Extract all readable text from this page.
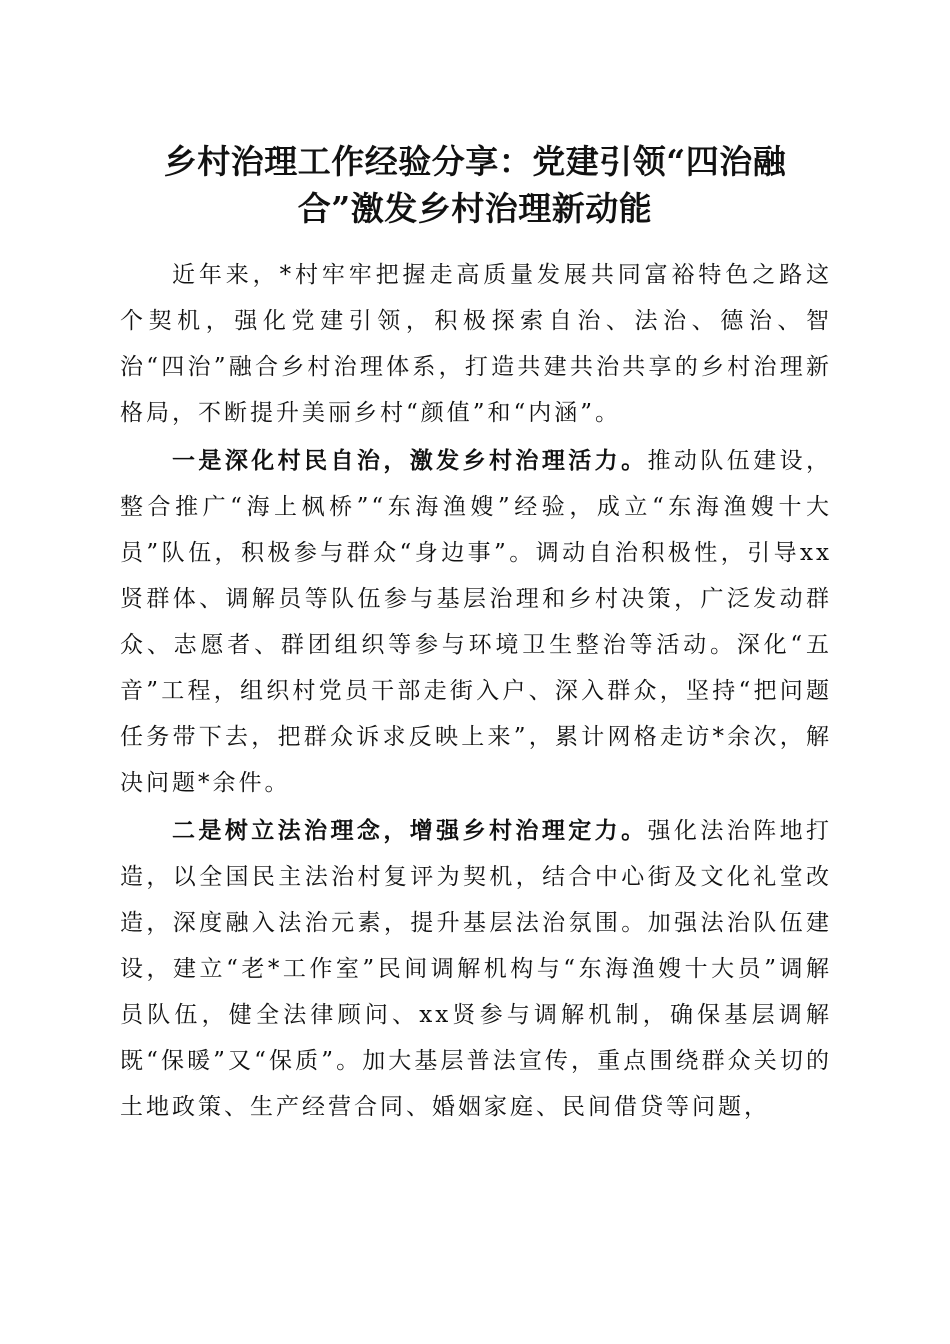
乡村治理工作经验分享：党建引领“四治融
合”激发乡村治理新动能

近年来，*村牢牢把握走高质量发展共同富裕特色之路这个契机，强化党建引领，积极探索自治、法治、德治、智治“四治”融合乡村治理体系，打造共建共治共享的乡村治理新格局，不断提升美丽乡村“颜值”和“内涵”。

一是深化村民自治，激发乡村治理活力。推动队伍建设，整合推广“海上枫桥”“东海渔嫂”经验，成立“东海渔嫂十大员”队伍，积极参与群众“身边事”。调动自治积极性，引导xx贤群体、调解员等队伍参与基层治理和乡村决策，广泛发动群众、志愿者、群团组织等参与环境卫生整治等活动。深化“五音”工程，组织村党员干部走街入户、深入群众，坚持“把问题任务带下去，把群众诉求反映上来”，累计网格走访*余次，解决问题*余件。

二是树立法治理念，增强乡村治理定力。强化法治阵地打造，以全国民主法治村复评为契机，结合中心街及文化礼堂改造，深度融入法治元素，提升基层法治氛围。加强法治队伍建设，建立“老*工作室”民间调解机构与“东海渔嫂十大员”调解员队伍，健全法律顾问、xx贤参与调解机制，确保基层调解既“保暖”又“保质”。加大基层普法宣传，重点围绕群众关切的土地政策、生产经营合同、婚姻家庭、民间借贷等问题，
